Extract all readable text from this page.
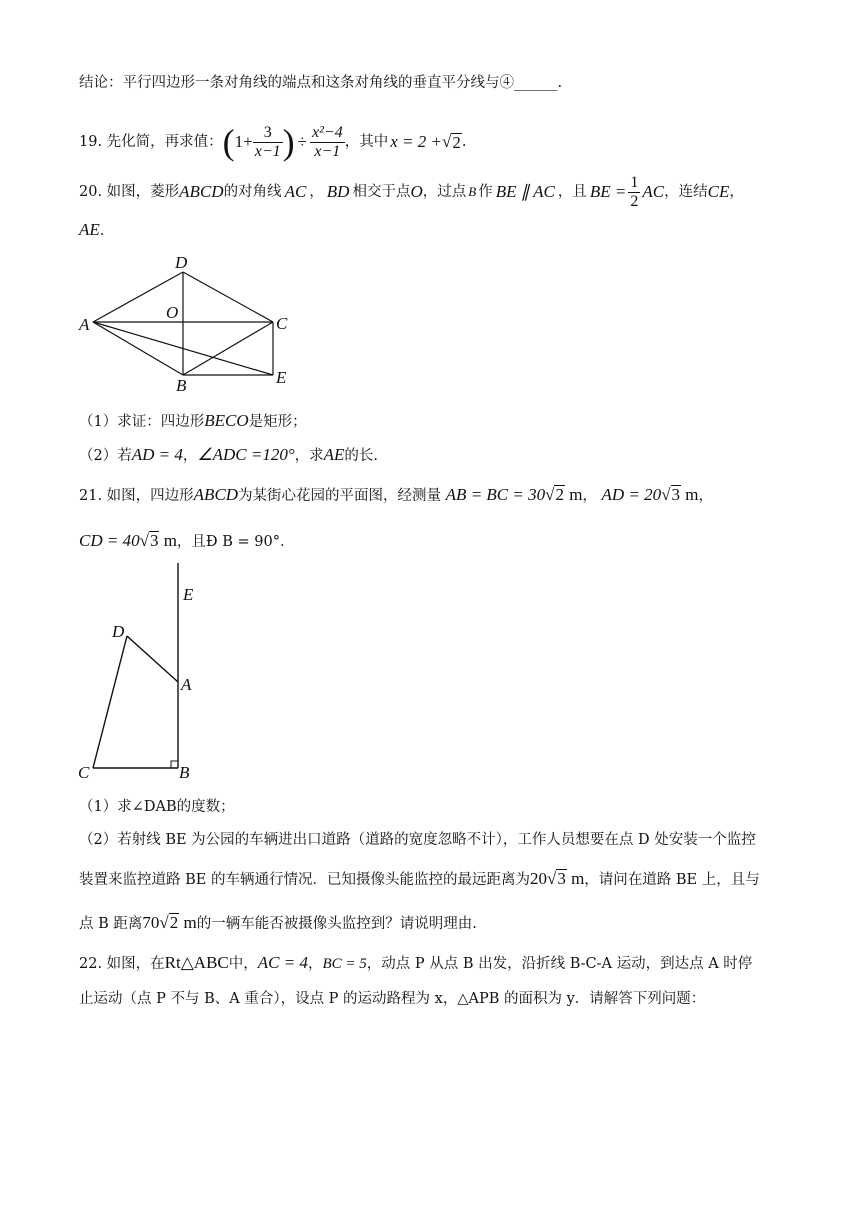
结论：平行四边形一条对角线的端点和这条对角线的垂直平分线与④______.
19. 先化简，再求值： ( $1+ \frac{3}{x-1}$ ) ÷ $\frac{\text{x²−4}}{x-1}$ ，其中 x = 2 + √ 2 .
20. 如图，菱形 ABCD 的对角线 AC ， BD 相交于点 O ，过点 B 作 BE ∥ AC ，且 BE = $\frac{1}{2}$ AC ，连结 CE ，
AE.
D
O
A	C
B	E
（1）求证：四边形BECO是矩形；
（2）若AD = 4，∠ADC =120°，求AE的长.
21. 如图，四边形ABCD为某街心花园的平面图，经测量 AB = BC = 30√2 m， AD = 20√3 m，
CD = 40√3 m，且Ð B = 90°．
E
D
A
C	B
（1）求∠DAB的度数；
（2）若射线 BE 为公园的车辆进出口道路（道路的宽度忽略不计），工作人员想要在点 D 处安装一个监控
装置来监控道路 BE 的车辆通行情况．已知摄像头能监控的最远距离为20√3 m，请问在道路 BE 上，且与
点 B 距离70√2 m的一辆车能否被摄像头监控到？请说明理由.
22. 如图，在Rt△ABC中，AC = 4，BC = 5，动点 P 从点 B 出发，沿折线 B-C-A 运动，到达点 A 时停
止运动（点 P 不与 B、A 重合），设点 P 的运动路程为 x，△APB 的面积为 y．请解答下列问题：
